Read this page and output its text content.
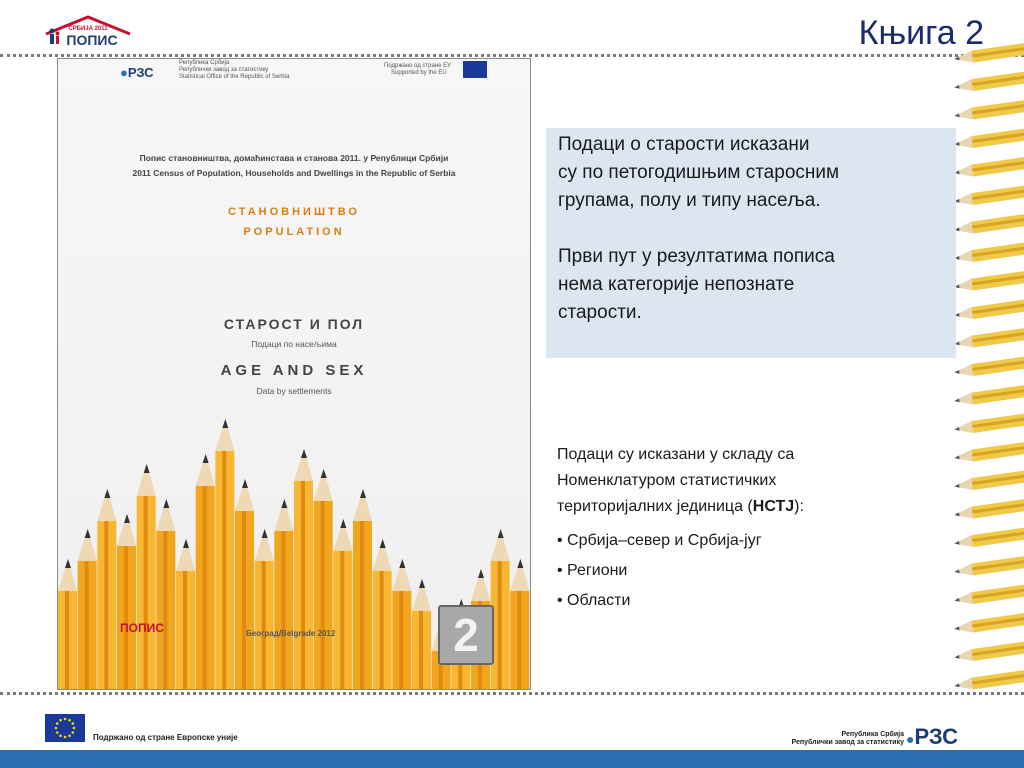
СРБИЈА 2011
ПОПИС	Књига 2
●РЗС
Република Србија
Републички завод за статистику
Statistical Office of the Republic of Serbia
Подржано од стране ЕУ
Supported by the EU
Попис становништва, домаћинстава и станова 2011. у Републици Србији
2011 Census of Population, Households and Dwellings in the Republic of Serbia
СТАНОВНИШТВО
POPULATION
СТАРОСТ И ПОЛ
Подаци по насељима
AGE AND SEX
Data by settlements
ПОПИС	Београд/Belgrade 2012	2

Подаци о старости исказани

су по петогодишњим старосним

групама, полу и типу насеља.

Први пут у резултатима пописа

нема категорије непознате

старости.

Подаци су исказани у складу са
Номенклатуром статистичких
територијалних јединица (НСТЈ):
• Србија–север и Србија-југ
• Региони
• Области
Подржано од стране Европске уније	Република Србија
Републички завод за статистику ●РЗС
